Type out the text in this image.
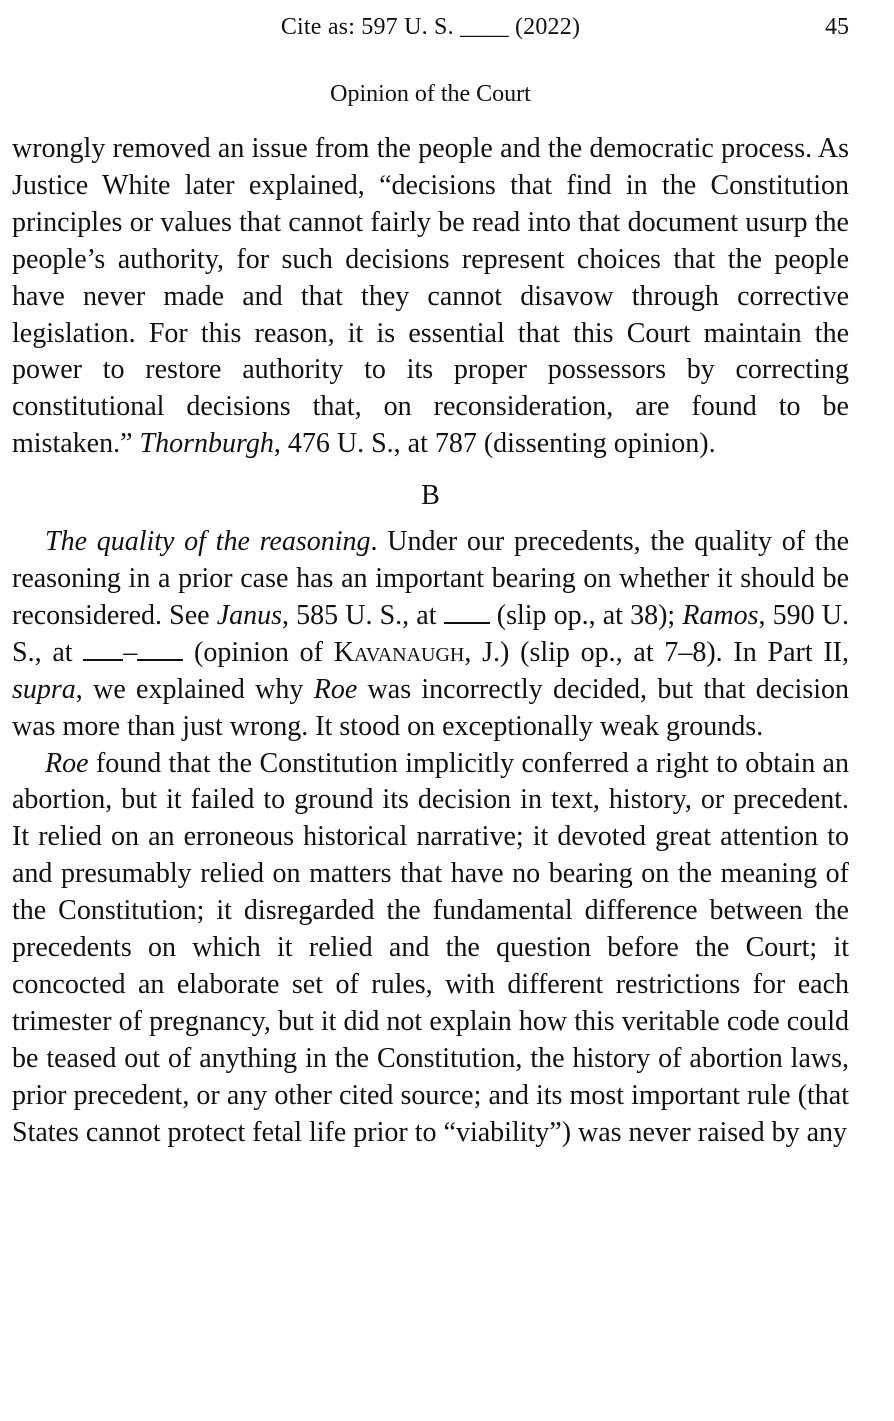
Cite as: 597 U. S. ____ (2022)	45
Opinion of the Court

wrongly removed an issue from the people and the democratic process. As Justice White later explained, “decisions that find in the Constitution principles or values that cannot fairly be read into that document usurp the people’s authority, for such decisions represent choices that the people have never made and that they cannot disavow through corrective legislation. For this reason, it is essential that this Court maintain the power to restore authority to its proper possessors by correcting constitutional decisions that, on reconsideration, are found to be mistaken.” Thornburgh, 476 U. S., at 787 (dissenting opinion).

B

The quality of the reasoning. Under our precedents, the quality of the reasoning in a prior case has an important bearing on whether it should be reconsidered. See Janus, 585 U. S., at  (slip op., at 38); Ramos, 590 U. S., at – (opinion of Kavanaugh, J.) (slip op., at 7–8). In Part II, supra, we explained why Roe was incorrectly decided, but that decision was more than just wrong. It stood on exceptionally weak grounds.

Roe found that the Constitution implicitly conferred a right to obtain an abortion, but it failed to ground its decision in text, history, or precedent. It relied on an erroneous historical narrative; it devoted great attention to and presumably relied on matters that have no bearing on the meaning of the Constitution; it disregarded the fundamental difference between the precedents on which it relied and the question before the Court; it concocted an elaborate set of rules, with different restrictions for each trimester of pregnancy, but it did not explain how this veritable code could be teased out of anything in the Constitution, the history of abortion laws, prior precedent, or any other cited source; and its most important rule (that States cannot protect fetal life prior to “viability”) was never raised by any
